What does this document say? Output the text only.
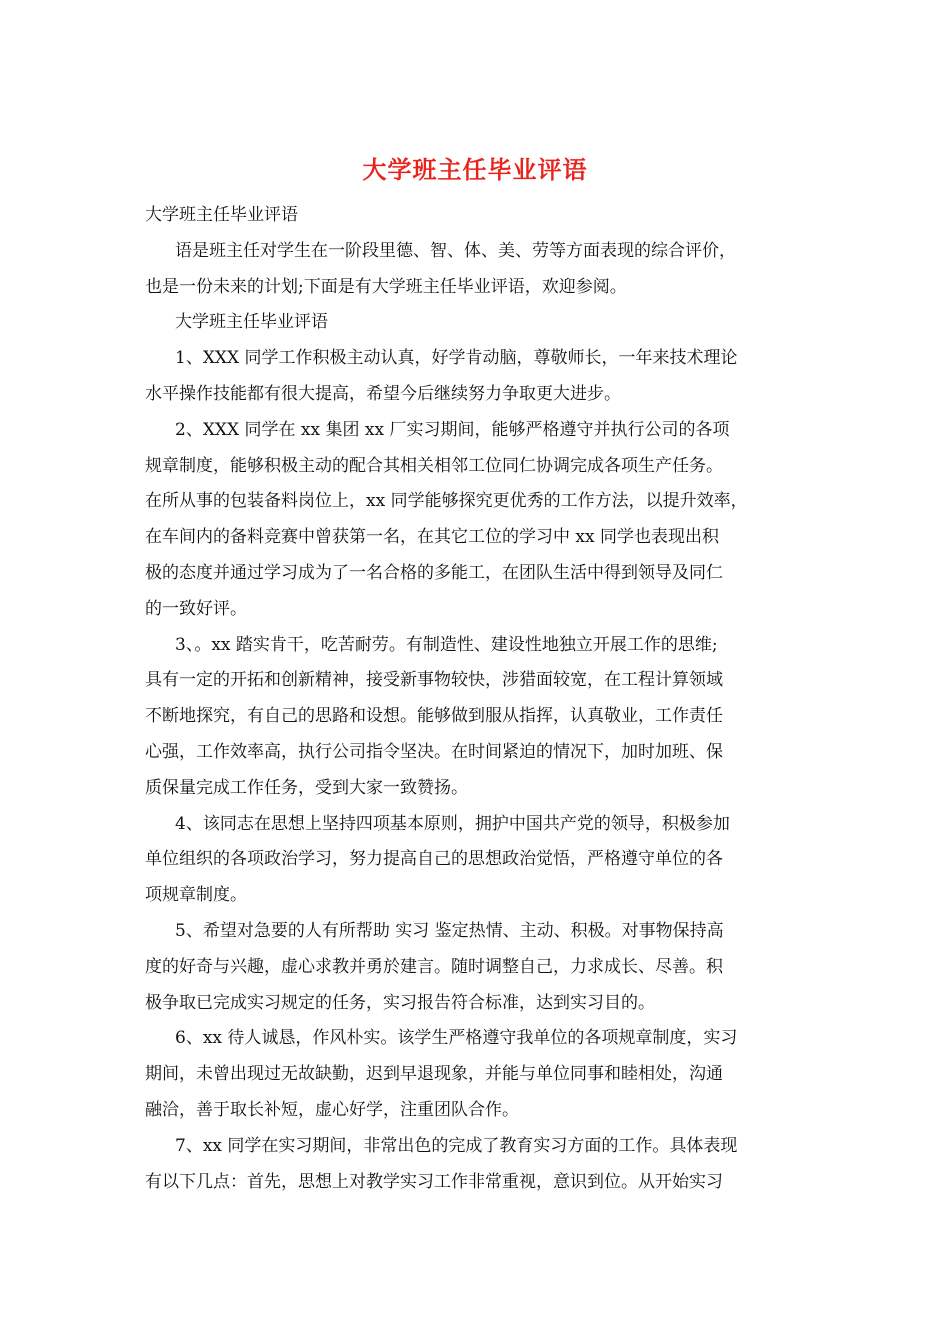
大学班主任毕业评语
大学班主任毕业评语
语是班主任对学生在一阶段里德、智、体、美、劳等方面表现的综合评价，
也是一份未来的计划;下面是有大学班主任毕业评语，欢迎参阅。
大学班主任毕业评语
1、XXX 同学工作积极主动认真，好学肯动脑，尊敬师长，一年来技术理论
水平操作技能都有很大提高，希望今后继续努力争取更大进步。
2、XXX 同学在 xx 集团 xx 厂实习期间，能够严格遵守并执行公司的各项
规章制度，能够积极主动的配合其相关相邻工位同仁协调完成各项生产任务。
在所从事的包装备料岗位上，xx 同学能够探究更优秀的工作方法，以提升效率，
在车间内的备料竞赛中曾获第一名，在其它工位的学习中 xx 同学也表现出积
极的态度并通过学习成为了一名合格的多能工，在团队生活中得到领导及同仁
的一致好评。
3、。xx 踏实肯干，吃苦耐劳。有制造性、建设性地独立开展工作的思维;
具有一定的开拓和创新精神，接受新事物较快，涉猎面较宽，在工程计算领域
不断地探究，有自己的思路和设想。能够做到服从指挥，认真敬业，工作责任
心强，工作效率高，执行公司指令坚决。在时间紧迫的情况下，加时加班、保
质保量完成工作任务，受到大家一致赞扬。
4、该同志在思想上坚持四项基本原则，拥护中国共产党的领导，积极参加
单位组织的各项政治学习，努力提高自己的思想政治觉悟，严格遵守单位的各
项规章制度。
5、希望对急要的人有所帮助 实习 鉴定热情、主动、积极。对事物保持高
度的好奇与兴趣，虚心求教并勇於建言。随时调整自己，力求成长、尽善。积
极争取已完成实习规定的任务，实习报告符合标准，达到实习目的。
6、xx 待人诚恳，作风朴实。该学生严格遵守我单位的各项规章制度，实习
期间，未曾出现过无故缺勤，迟到早退现象，并能与单位同事和睦相处，沟通
融洽，善于取长补短，虚心好学，注重团队合作。
7、xx 同学在实习期间，非常出色的完成了教育实习方面的工作。具体表现
有以下几点：首先，思想上对教学实习工作非常重视，意识到位。从开始实习
